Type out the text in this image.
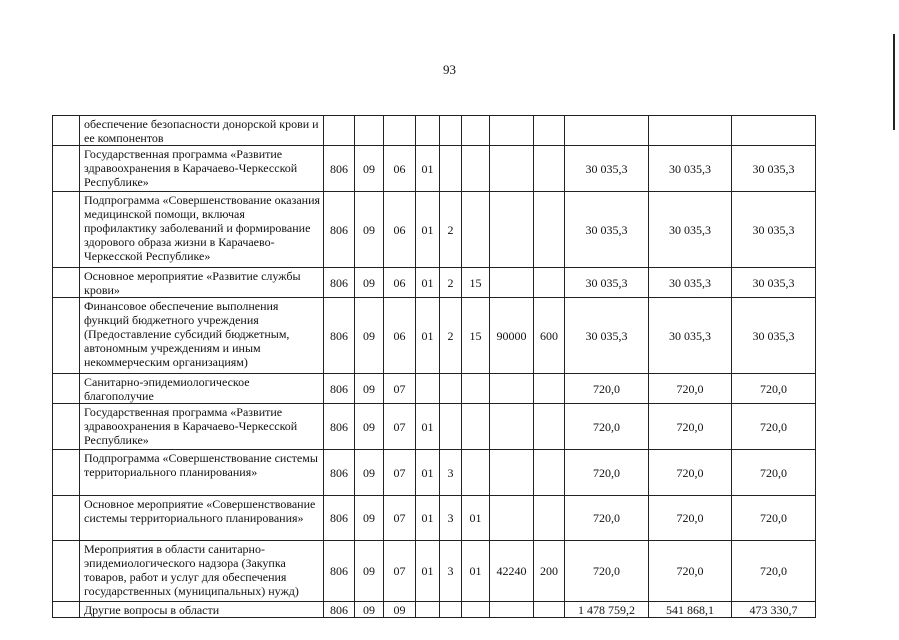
93
	обеспечение безопасности донорской крови и ее компонентов											
	Государственная программа «Развитие здравоохранения в Карачаево-Черкесской Республике»	806	09	06	01					30 035,3	30 035,3	30 035,3
	Подпрограмма «Совершенствование оказания медицинской помощи, включая профилактику заболеваний и формирование здорового образа жизни в Карачаево-Черкесской Республике»	806	09	06	01	2				30 035,3	30 035,3	30 035,3
	Основное мероприятие «Развитие службы крови»	806	09	06	01	2	15			30 035,3	30 035,3	30 035,3
	Финансовое обеспечение выполнения функций бюджетного учреждения (Предоставление субсидий бюджетным, автономным учреждениям и иным некоммерческим организациям)	806	09	06	01	2	15	90000	600	30 035,3	30 035,3	30 035,3
	Санитарно-эпидемиологическое благополучие	806	09	07						720,0	720,0	720,0
	Государственная программа «Развитие здравоохранения в Карачаево-Черкесской Республике»	806	09	07	01					720,0	720,0	720,0
	Подпрограмма «Совершенствование системы территориального планирования»	806	09	07	01	3				720,0	720,0	720,0
	Основное мероприятие «Совершенствование системы территориального планирования»	806	09	07	01	3	01			720,0	720,0	720,0
	Мероприятия в области санитарно-эпидемиологического надзора (Закупка товаров, работ и услуг для обеспечения государственных (муниципальных) нужд)	806	09	07	01	3	01	42240	200	720,0	720,0	720,0
	Другие вопросы в области	806	09	09						1 478 759,2	541 868,1	473 330,7
